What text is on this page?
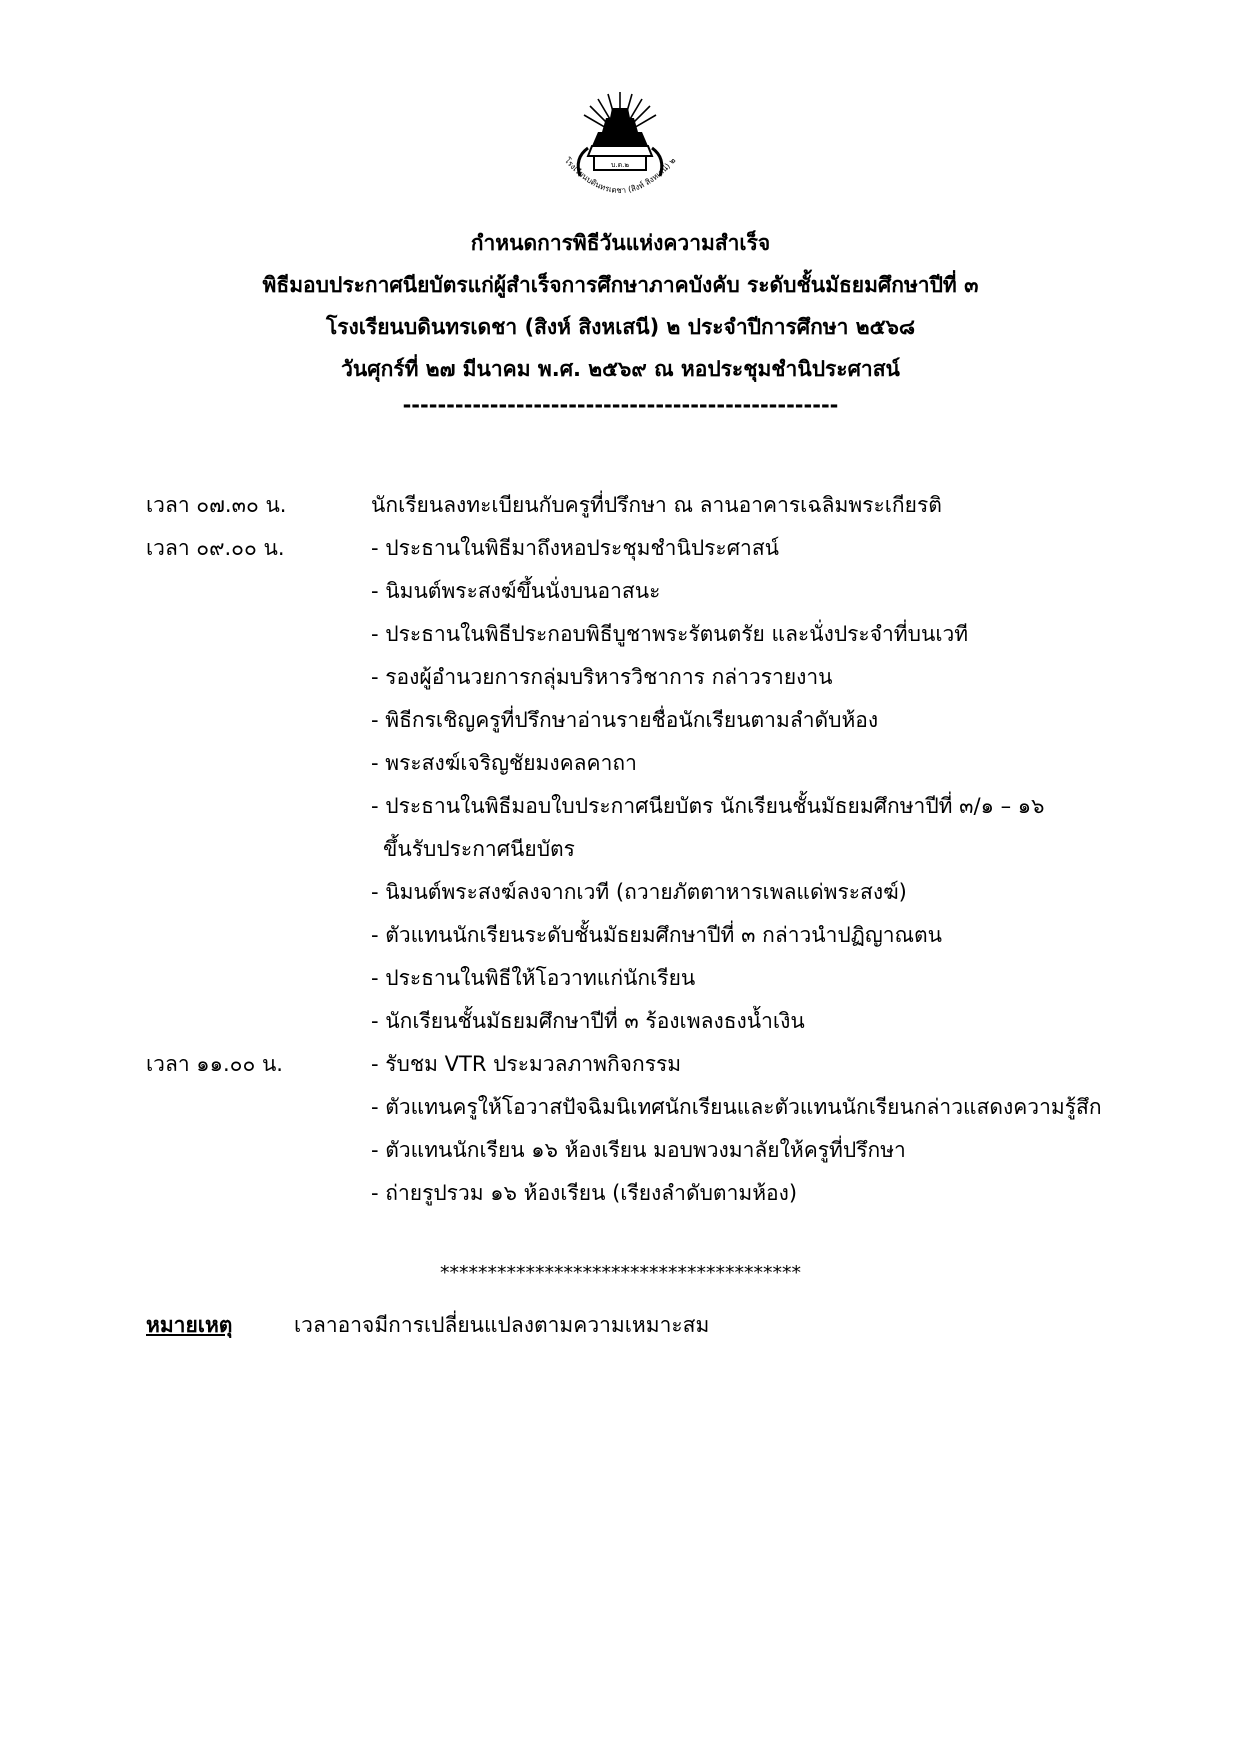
บ.ด.๒
โรงเรียนบดินทรเดชา (สิงห์ สิงหเสนี) ๒
กำหนดการพิธีวันแห่งความสำเร็จ
พิธีมอบประกาศนียบัตรแก่ผู้สำเร็จการศึกษาภาคบังคับ ระดับชั้นมัธยมศึกษาปีที่ ๓
โรงเรียนบดินทรเดชา (สิงห์ สิงหเสนี) ๒ ประจำปีการศึกษา ๒๕๖๘
วันศุกร์ที่ ๒๗ มีนาคม พ.ศ. ๒๕๖๙ ณ หอประชุมชำนิประศาสน์
--------------------------------------------------
เวลา ๐๗.๓๐ น.	นักเรียนลงทะเบียนกับครูที่ปรึกษา ณ ลานอาคารเฉลิมพระเกียรติ
เวลา ๐๙.๐๐ น.	- ประธานในพิธีมาถึงหอประชุมชำนิประศาสน์
- นิมนต์พระสงฆ์ขึ้นนั่งบนอาสนะ
- ประธานในพิธีประกอบพิธีบูชาพระรัตนตรัย และนั่งประจำที่บนเวที
- รองผู้อำนวยการกลุ่มบริหารวิชาการ กล่าวรายงาน
- พิธีกรเชิญครูที่ปรึกษาอ่านรายชื่อนักเรียนตามลำดับห้อง
- พระสงฆ์เจริญชัยมงคลคาถา
- ประธานในพิธีมอบใบประกาศนียบัตร นักเรียนชั้นมัธยมศึกษาปีที่ ๓/๑ – ๑๖
ขึ้นรับประกาศนียบัตร
- นิมนต์พระสงฆ์ลงจากเวที (ถวายภัตตาหารเพลแด่พระสงฆ์)
- ตัวแทนนักเรียนระดับชั้นมัธยมศึกษาปีที่ ๓ กล่าวนำปฏิญาณตน
- ประธานในพิธีให้โอวาทแก่นักเรียน
- นักเรียนชั้นมัธยมศึกษาปีที่ ๓ ร้องเพลงธงน้ำเงิน
เวลา ๑๑.๐๐ น.	- รับชม VTR ประมวลภาพกิจกรรม
- ตัวแทนครูให้โอวาสปัจฉิมนิเทศนักเรียนและตัวแทนนักเรียนกล่าวแสดงความรู้สึก
- ตัวแทนนักเรียน ๑๖ ห้องเรียน มอบพวงมาลัยให้ครูที่ปรึกษา
- ถ่ายรูปรวม ๑๖ ห้องเรียน (เรียงลำดับตามห้อง)
**************************************
หมายเหตุ	เวลาอาจมีการเปลี่ยนแปลงตามความเหมาะสม
